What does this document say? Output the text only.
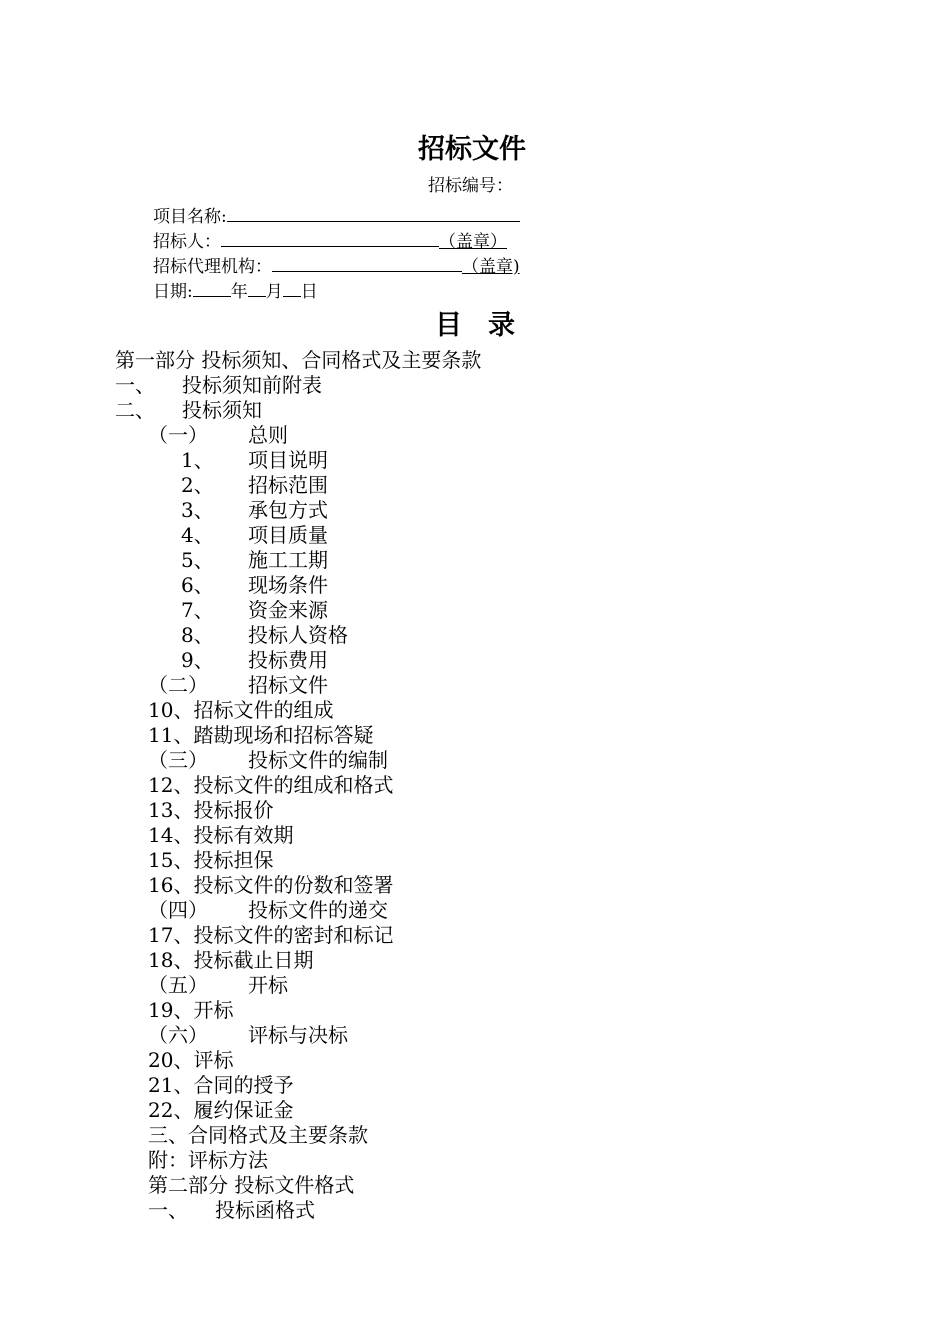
招标文件
招标编号：
项目名称:
招标人：	（盖章）
招标代理机构：	（盖章)
日期: 年 月 日
目录
第一部分 投标须知、合同格式及主要条款
一、 投标须知前附表
二、 投标须知
（一） 总则
1、 项目说明
2、 招标范围
3、 承包方式
4、 项目质量
5、 施工工期
6、 现场条件
7、 资金来源
8、 投标人资格
9、 投标费用
（二） 招标文件
10、招标文件的组成
11、踏勘现场和招标答疑
（三） 投标文件的编制
12、投标文件的组成和格式
13、投标报价
14、投标有效期
15、投标担保
16、投标文件的份数和签署
（四） 投标文件的递交
17、投标文件的密封和标记
18、投标截止日期
（五） 开标
19、开标
（六） 评标与决标
20、评标
21、合同的授予
22、履约保证金
三、合同格式及主要条款
附：评标方法
第二部分 投标文件格式
一、 投标函格式
